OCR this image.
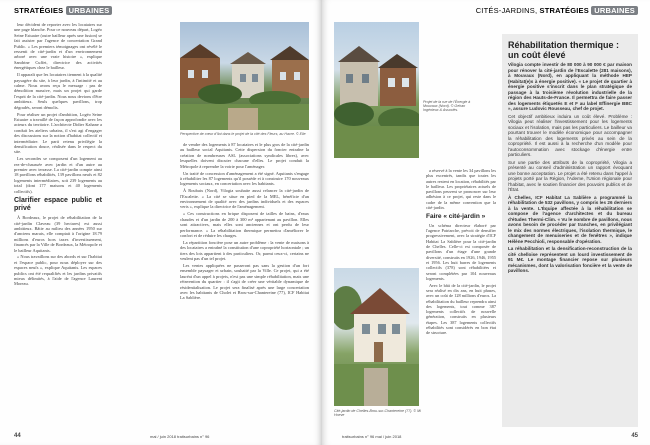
STRATÉGIES URBAINES

leur décident de reporter avec les locataires sur une page blanche. Pour ce nouveau départ, Logéo Seine Estuaire (outre bailleur après une fusion) se fait assister par l'agence de concertation Grand Public. « Les premiers témoignages ont révélé le ressenti de cité-jardin et d'un environnement arboré avec une vraie histoire », explique Sandrine Cuffet, directrice des activités énergétiques chez le bailleur.

Il apparaît que les locataires tiennent à la qualité paysagère du site, à leur jardin, à l'intimité et au calme. Nous avons reçu le message : pas de démolition massive, mais un projet qui garde l'esprit de la cité-jardin. Nous nous devions d'être ambitieux. Seuls quelques pavillons, trop dégradés, seront démolis.

Pour réaliser un projet d'ambition, Logéo Seine Estuaire a travaillé de façon approfondie avec les acteurs du territoire. L'architecte Didier Kahane a conduit les ateliers urbains, il s'est agi d'engager des discussions sur la notion d'habitat collectif et intermédiaire. Le parti retenu privilégie la densification douce, réalisée dans le respect du site.

Les secondes se composent d'un logement au rez-de-chaussée avec jardin et d'un autre au premier avec terrasse. La cité-jardin compte ainsi 18 pavillons réhabilités, 139 pavillons neufs et 82 logements intermédiaires, soit 239 logements au total (dont 177 maisons et 40 logements collectifs).

Clarifier espace public et privé

À Bordeaux, le projet de réhabilitation de la cité-jardin Claveau (39 hectares) est aussi ambitieux. Bâtie au milieu des années 1950 sur d'anciens marais, elle comptait à l'origine 18.79 millions d'euros hors taxes d'investissement, financés par la Ville de Bordeaux, la Métropole et le bailleur Aquitanis.

« Nous travaillons sur des abords et sur l'habitat et l'espace public, pour nous déployer sur des espaces neufs », explique Aquitanis. Les espaces publics ont été requalifiés et les jardins privatifs mieux délimités, à l'aide de l'agence Laurent Moreau.

Perspective de cœur d'îlot dans le projet de la cité des Fleurs, au Havre. © Elle

de vendre des logements à 87 locataires et le plus gros de la cité-jardin au bailleur social Aquitanis. Cette dispersion du foncier entraîne la création de nombreuses ASL (associations syndicales libres), avec lesquelles doivent discuter chacune d'elles. Le projet conduit la Métropole à reprendre la voirie pour l'aménager.

Un traité de concession d'aménagement a été signé. Aquitanis s'engage à réhabiliter les 87 logements qu'il possède et à construire 170 nouveaux logements sociaux, en concertation avec les habitants.

À Roubaix (Nord), Vilogia souhaite aussi relancer la cité-jardin de l'Escalette. « La cité se situe en pied de la MEL, bénéficie d'un environnement de qualité avec des jardins individuels et des espaces verts », explique la directrice de l'aménagement.

« Ces constructions en brique disposent de tailles de bains, d'eaux chaudes et d'un jardin de 200 à 300 m² appartenant au pavillon. Elles sont attractives, mais elles sont anciennes et ont perdu de leur performance. » La réhabilitation thermique permettra d'améliorer le confort et de réduire les charges.

La répartition foncière pose un autre problème : la vente de maisons à des locataires a entraîné la constitution d'une copropriété horizontale ; un tiers des lots appartient à des particuliers. Or, parmi ceux-ci, certains ne veulent pas d'un tel projet.

Les ventes appliquées ne passeront pas sans la gestion d'un fort ensemble paysager et urbain, souhaité par la Ville. Ce projet, qui a été lauréat d'un appel à projets, n'est pas une simple réhabilitation, mais une réinvention du quartier : il s'agit de créer une véritable dynamique de résidentialisation. Le projet sera finalisé après une large concertation avec les habitants de Cholet et Brou-sur-Chantereine (77), ICF Habitat La Sablière.

44	mai / juin 2018 traitsurbains n° 96
CITÉS-JARDINS, STRATÉGIES URBAINES
Projet de la rue de l'Énergie à Mouvaux (Nord). © Gehan Ingénieux & Associés.
Cité-jardin de Chelles-Brou-sur-Chantereine (77). © Mi Hoeve

a réservé à la vente les 34 pavillons les plus excentrés, tandis que toutes les autres restent en location, réhabilités par le bailleur. Les propriétaires actuels de pavillons peuvent se prononcer sur leur adhésion à ce projet, qui reste dans le cadre de la même convention que la cité-jardin.

Faire « cité-jardin »

Un schéma directeur élaboré par l'agence Patriarche, prévoit de densifier progressivement, avec la stratégie d'ICF Habitat La Sablière pour la cité-jardin de Chelles. Celle-ci est composée de pavillons d'un étage d'une grande diversité, construits en 1926, 1946, 1955 et 1956. Les huit barres de logements collectifs (378) sont réhabilitées et seront complétées par 104 nouveaux logements.

Avec le bâti de la cité-jardin, le projet sera réalisé en dix ans, en huit phases, avec un coût de 128 millions d'euros. La réhabilitation du bailleur reprendra ainsi des logements, tout comme 387 logements collectifs de nouvelle génération, construits en plusieurs étapes. Les 387 logements collectifs réhabilités sont considérés en bon état de structure.

traitsurbains n° 96 mai / juin 2018	45
Réhabilitation thermique : un coût élevé

Vilogia compte investir de 80 000 à 90 000 € par maison pour rénover la cité-jardin de l'Escalette (281 maisons), à Mouvaux (Nord), en appliquant la méthode HEP (Habitat(e)s à énergie positive). « Le projet de quartier à énergie positive s'inscrit dans le plan stratégique de passage à la troisième révolution industrielle de la région des Hauts-de-France. Il permettra de faire passer des logements étiquetés E et F au label Effinergie BBC », assure Ludovic Rousseau, chef de projet.

Cet objectif ambitieux induira un coût élevé. Problème : Vilogia peut réaliser l'investissement pour les logements sociaux et l'isolation, mais pas les particuliers. Le bailleur va pourtant trouver le modèle économique pour accompagner la réhabilitation des logements privés au sein de la copropriété. Il est aussi à la recherche d'un modèle pour l'autoconsommation avec stockage d'énergie entre particuliers.

Sur une partie des attributs de la copropriété, Vilogia a présenté au conseil d'administration un rapport évoquant une bonne acceptation. Le projet a été retenu dans l'appel à projets porté par la Région, l'Ademe, l'Union régionale pour l'habitat, avec le soutien financier des pouvoirs publics et de l'État.

À Chelles, ICF Habitat La Sablière a programmé la réhabilitation de 532 pavillons, y compris les 26 derniers à la vente. L'Équipe affectée à la réhabilitation se compose de l'agence d'architectes et du bureau d'études Thermi-Clim. « Vu le nombre de pavillons, nous avons besoin de procéder par tranches, en privilégiant le mix des normes électriques, l'isolation thermique, le changement de menuiseries et de fenêtres », indique Hélène Pecchioli, responsable d'opération.

La réhabilitation et la densification-reconstruction de la cité chelloise représentent un lourd investissement de 91 M€. Le montage financier repose sur plusieurs mécanismes, dont la valorisation foncière et la vente de pavillons.
